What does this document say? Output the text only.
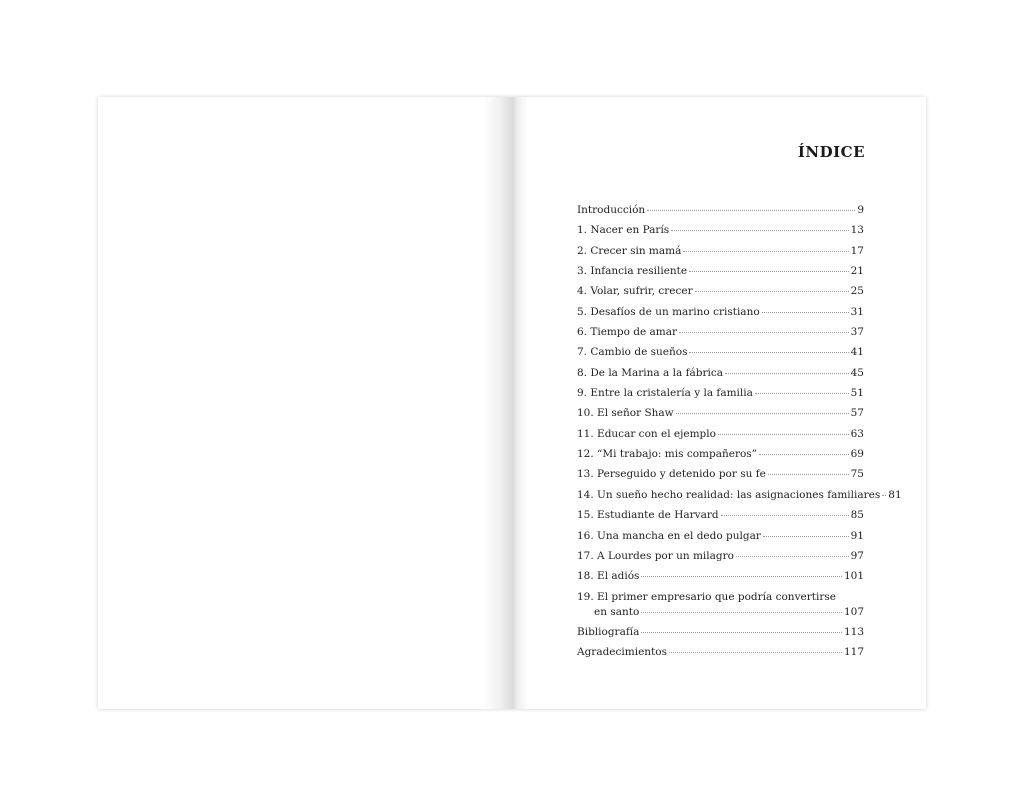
ÍNDICE
Introducción	9
1. Nacer en París	13
2. Crecer sin mamá	17
3. Infancia resiliente	21
4. Volar, sufrir, crecer	25
5. Desafíos de un marino cristiano	31
6. Tiempo de amar	37
7. Cambio de sueños	41
8. De la Marina a la fábrica	45
9. Entre la cristalería y la familia	51
10. El señor Shaw	57
11. Educar con el ejemplo	63
12. “Mi trabajo: mis compañeros”	69
13. Perseguido y detenido por su fe	75
14. Un sueño hecho realidad: las asignaciones familiares 81
15. Estudiante de Harvard	85
16. Una mancha en el dedo pulgar	91
17. A Lourdes por un milagro	97
18. El adiós	101
19. El primer empresario que podría convertirse
en santo	107
Bibliografía	113
Agradecimientos	117
